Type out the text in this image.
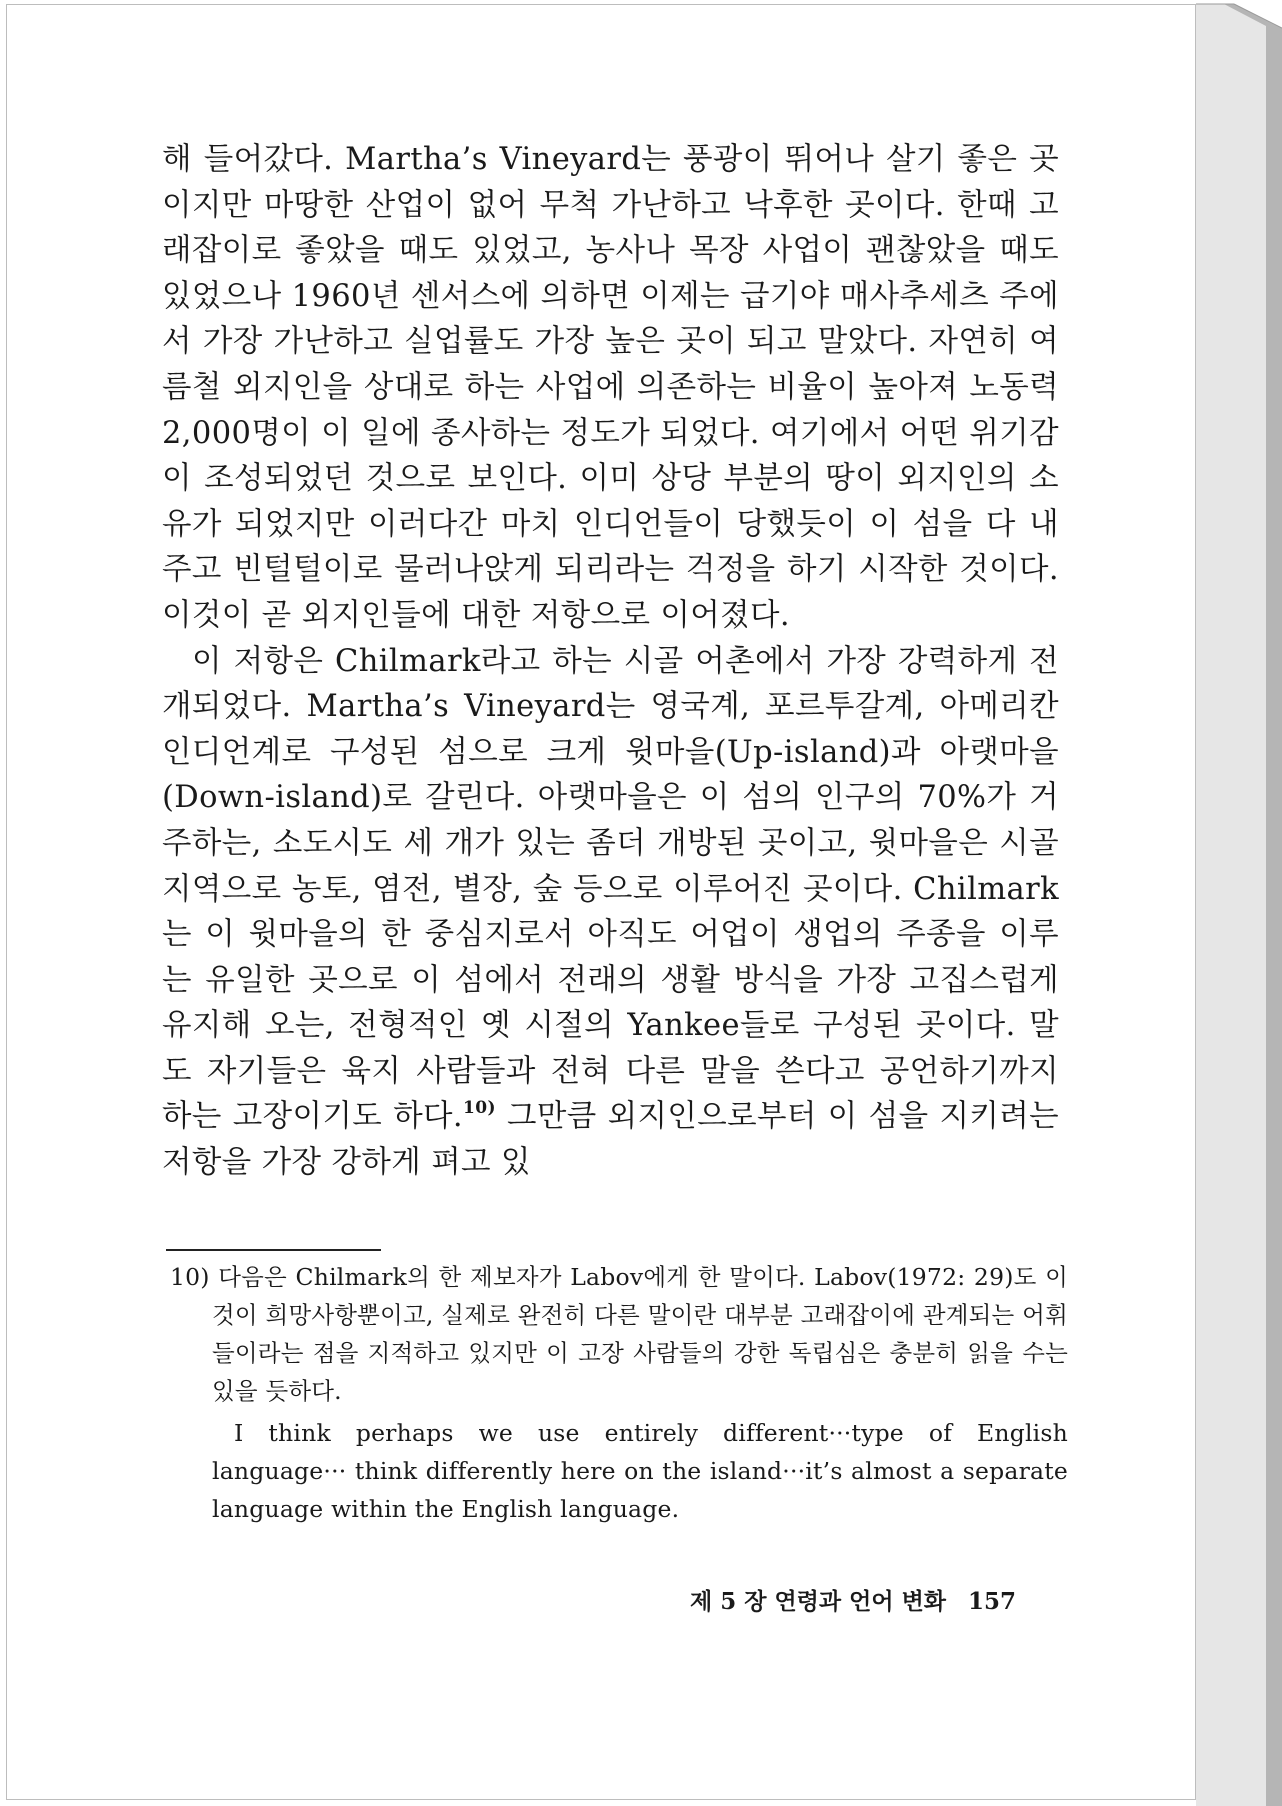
해 들어갔다. Martha’s Vineyard는 풍광이 뛰어나 살기 좋은 곳이지만 마땅한 산업이 없어 무척 가난하고 낙후한 곳이다. 한때 고래잡이로 좋았을 때도 있었고, 농사나 목장 사업이 괜찮았을 때도 있었으나 1960년 센서스에 의하면 이제는 급기야 매사추세츠 주에서 가장 가난하고 실업률도 가장 높은 곳이 되고 말았다. 자연히 여름철 외지인을 상대로 하는 사업에 의존하는 비율이 높아져 노동력 2,000명이 이 일에 종사하는 정도가 되었다. 여기에서 어떤 위기감이 조성되었던 것으로 보인다. 이미 상당 부분의 땅이 외지인의 소유가 되었지만 이러다간 마치 인디언들이 당했듯이 이 섬을 다 내주고 빈털털이로 물러나앉게 되리라는 걱정을 하기 시작한 것이다. 이것이 곧 외지인들에 대한 저항으로 이어졌다.

이 저항은 Chilmark라고 하는 시골 어촌에서 가장 강력하게 전개되었다. Martha’s Vineyard는 영국계, 포르투갈계, 아메리칸 인디언계로 구성된 섬으로 크게 윗마을(Up-island)과 아랫마을(Down-island)로 갈린다. 아랫마을은 이 섬의 인구의 70%가 거주하는, 소도시도 세 개가 있는 좀더 개방된 곳이고, 윗마을은 시골 지역으로 농토, 염전, 별장, 숲 등으로 이루어진 곳이다. Chilmark는 이 윗마을의 한 중심지로서 아직도 어업이 생업의 주종을 이루는 유일한 곳으로 이 섬에서 전래의 생활 방식을 가장 고집스럽게 유지해 오는, 전형적인 옛 시절의 Yankee들로 구성된 곳이다. 말도 자기들은 육지 사람들과 전혀 다른 말을 쓴다고 공언하기까지 하는 고장이기도 하다.$^{10)}$ 그만큼 외지인으로부터 이 섬을 지키려는 저항을 가장 강하게 펴고 있

10) 다음은 Chilmark의 한 제보자가 Labov에게 한 말이다. Labov(1972: 29)도 이것이 희망사항뿐이고, 실제로 완전히 다른 말이란 대부분 고래잡이에 관계되는 어휘들이라는 점을 지적하고 있지만 이 고장 사람들의 강한 독립심은 충분히 읽을 수는 있을 듯하다.

I think perhaps we use entirely different···type of English language··· think differently here on the island···it’s almost a separate language within the English language.

제 5 장 연령과 언어 변화 157
